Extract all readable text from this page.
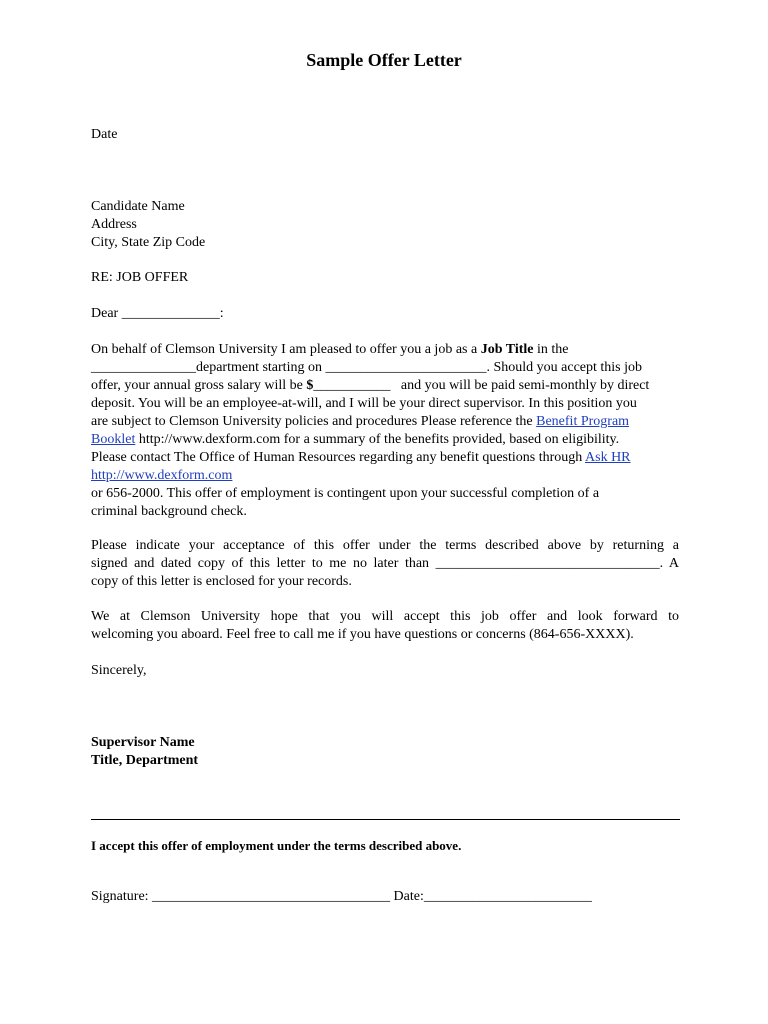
Sample Offer Letter
Date
Candidate Name
Address
City, State Zip Code
RE: JOB OFFER
Dear ______________:
On behalf of Clemson University I am pleased to offer you a job as a Job Title in the
_______________department starting on _______________________. Should you accept this job
offer, your annual gross salary will be $___________   and you will be paid semi-monthly by direct
deposit. You will be an employee-at-will, and I will be your direct supervisor. In this position you
are subject to Clemson University policies and procedures Please reference the Benefit Program
Booklet http://www.dexform.com for a summary of the benefits provided, based on eligibility.
Please contact The Office of Human Resources regarding any benefit questions through Ask HR
http://www.dexform.com
or 656-2000. This offer of employment is contingent upon your successful completion of a
criminal background check.
Please indicate your acceptance of this offer under the terms described above by returning a
signed and dated copy of this letter to me no later than ________________________________. A
copy of this letter is enclosed for your records.
We at Clemson University hope that you will accept this job offer and look forward to
welcoming you aboard. Feel free to call me if you have questions or concerns (864-656-XXXX).
Sincerely,
Supervisor Name
Title, Department
I accept this offer of employment under the terms described above.
Signature: __________________________________ Date:________________________
